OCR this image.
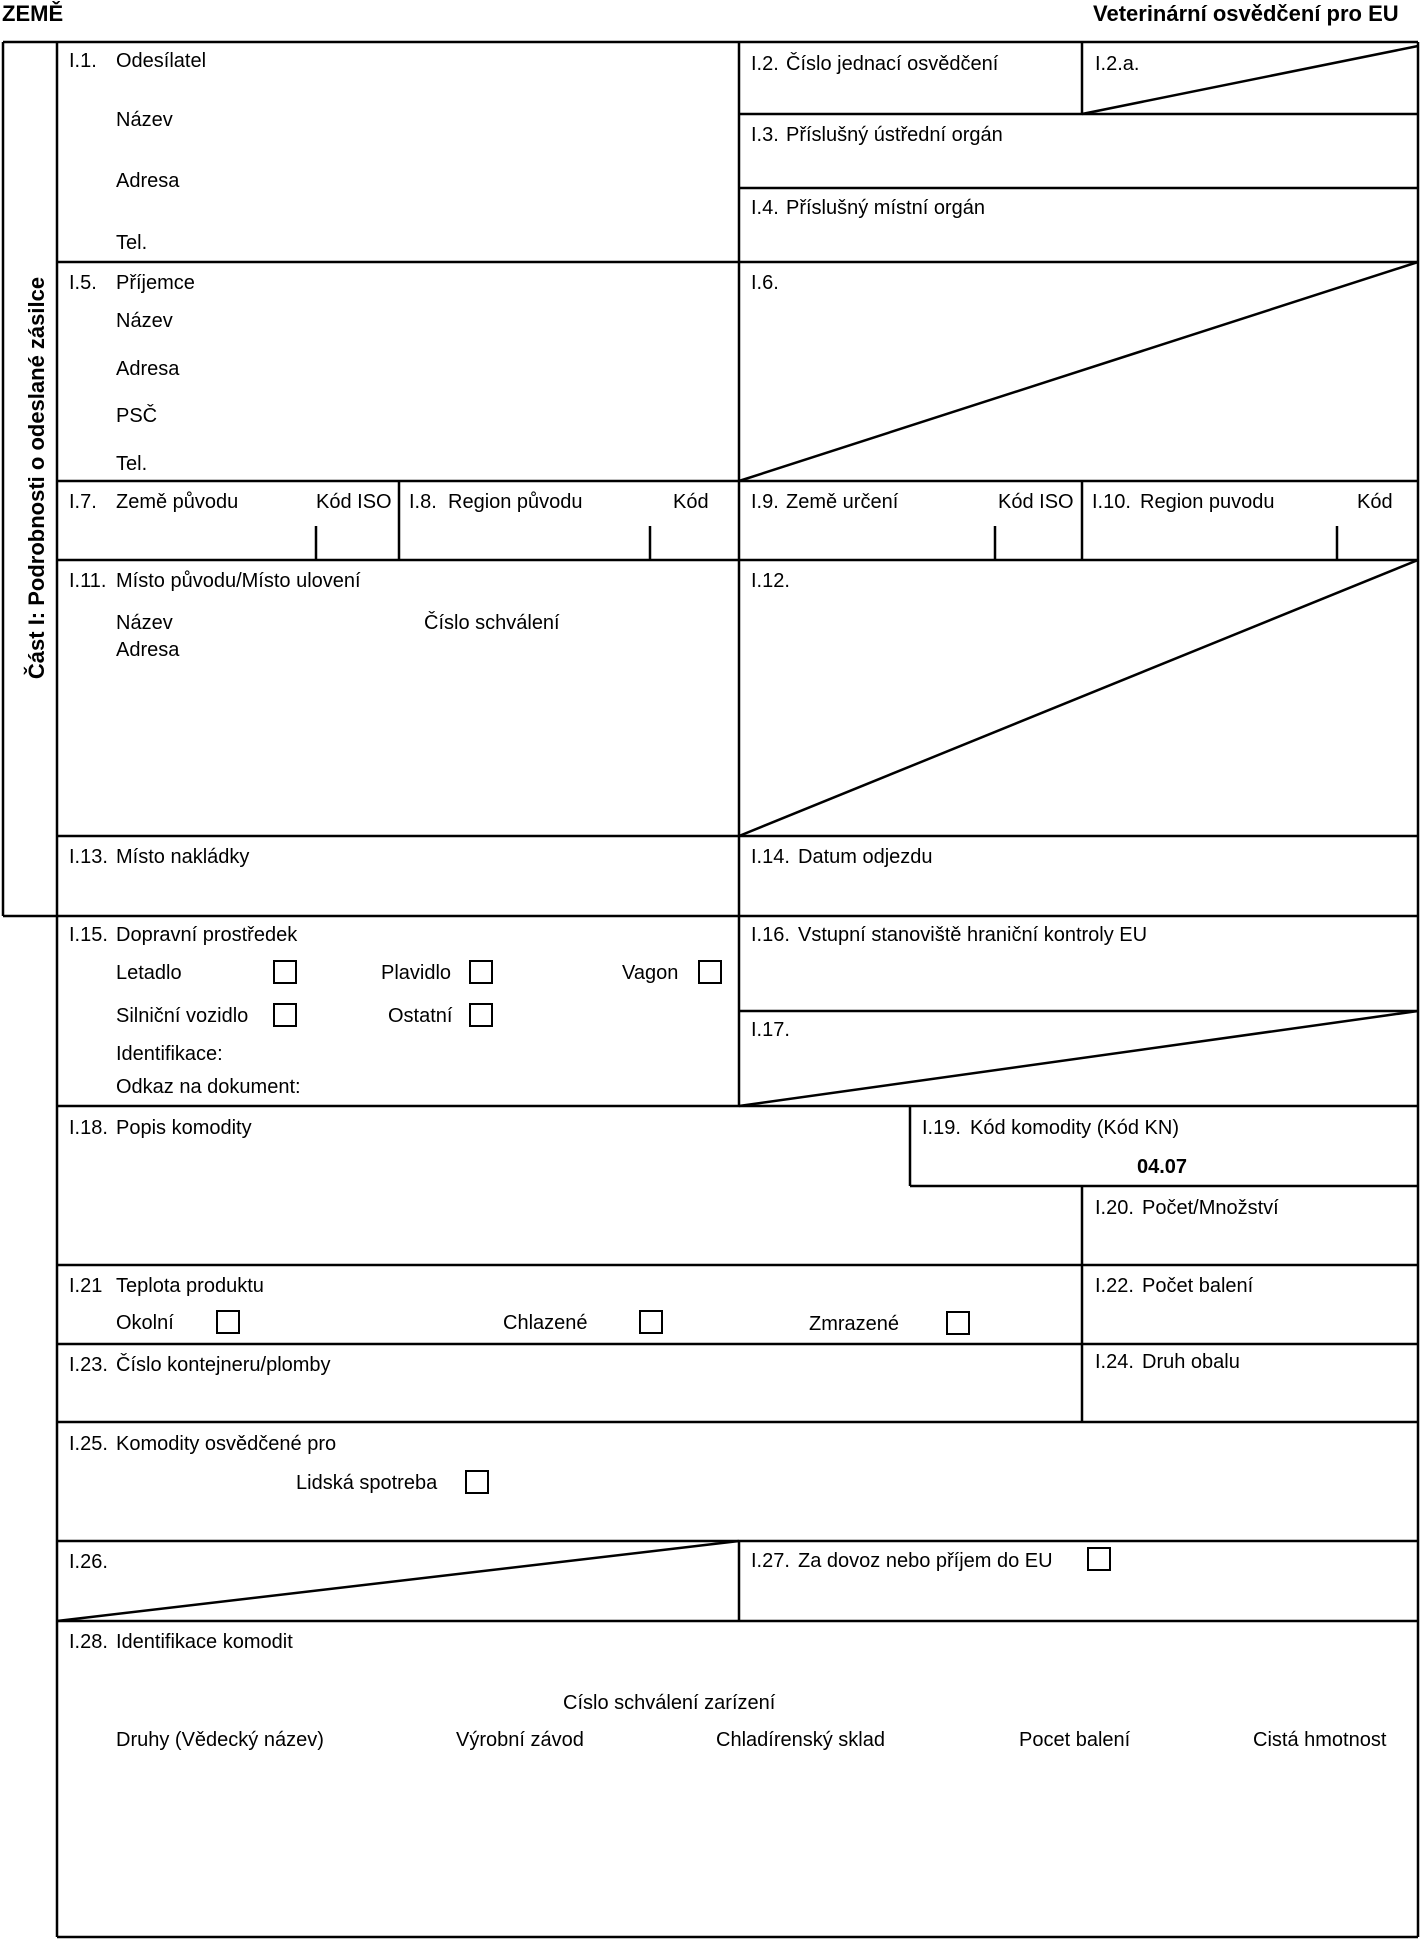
ZEMĚ	Veterinární osvědčení pro EU
Část I: Podrobnosti o odeslané zásilce
I.1. Odesílatel
Název
Adresa
Tel.
I.2. Číslo jednací osvědčení	I.2.a.
I.3. Příslušný ústřední orgán
I.4. Příslušný místní orgán
I.5. Příjemce
Název
Adresa
PSČ
Tel.
I.6.
I.7. Země původu	Kód ISO I.8. Region původu	Kód I.9. Země určení	Kód ISO I.10. Region puvodu	Kód
I.11. Místo původu/Místo ulovení
Název	Číslo schválení
Adresa
I.12.
I.13. Místo nakládky	I.14. Datum odjezdu
I.15. Dopravní prostředek
Letadlo	Plavidlo	Vagon
Silniční vozidlo	Ostatní
Identifikace:
Odkaz na dokument:
I.16. Vstupní stanoviště hraniční kontroly EU
I.17.
I.18. Popis komodity	I.19. Kód komodity (Kód KN)
04.07
I.20. Počet/Množství
I.21 Teplota produktu
Okolní	Chlazené	Zmrazené
I.22. Počet balení
I.23. Číslo kontejneru/plomby	I.24. Druh obalu
I.25. Komodity osvědčené pro
Lidská spotreba
I.26.	I.27. Za dovoz nebo příjem do EU
I.28. Identifikace komodit
Císlo schválení zarízení
Druhy (Vědecký název)	Výrobní závod	Chladírenský sklad	Pocet balení	Cistá hmotnost
